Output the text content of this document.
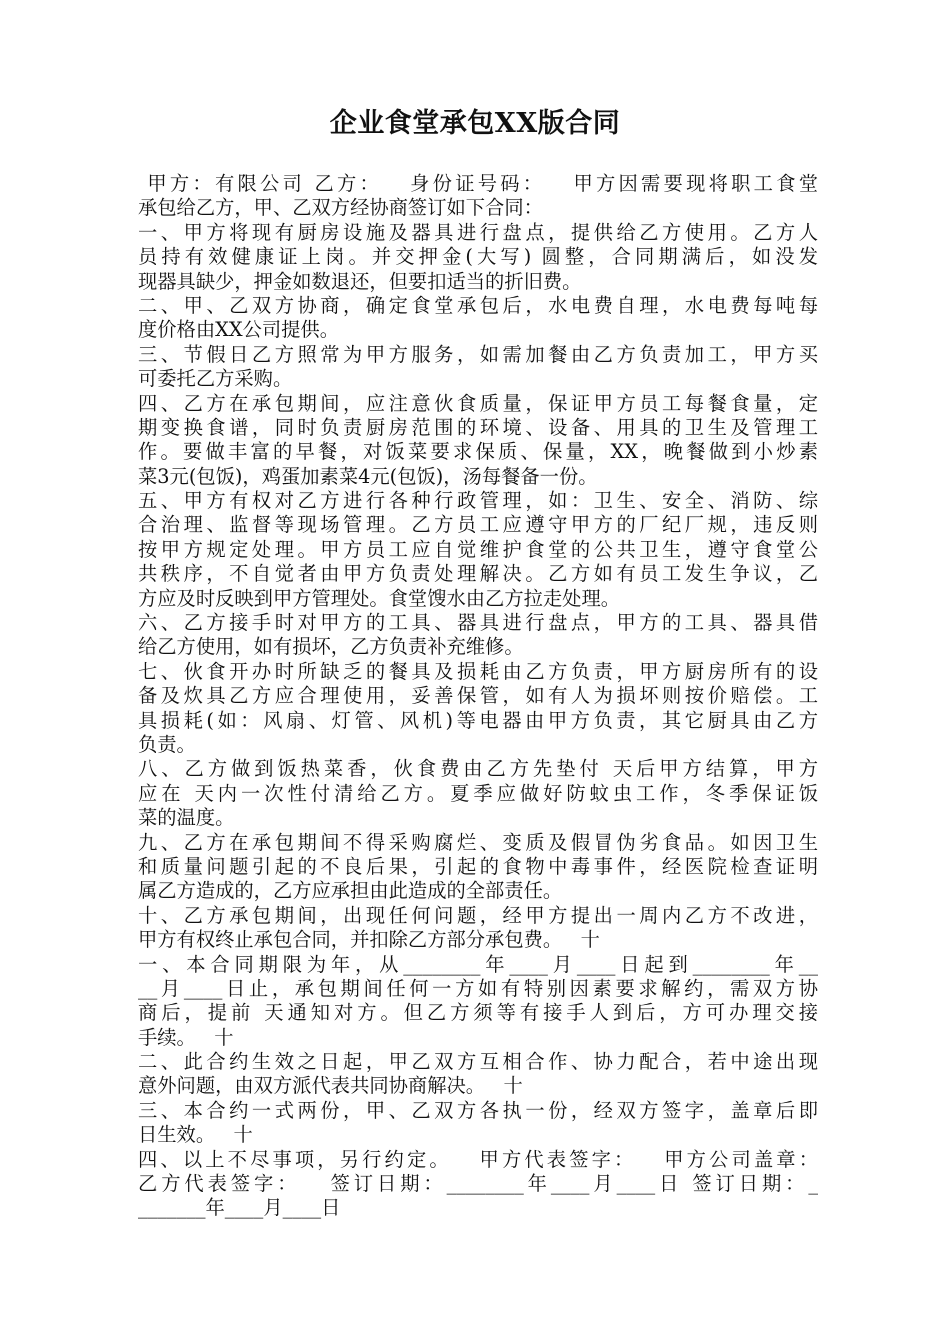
企业食堂承包XX版合同
甲方：有限公司 乙方：   身份证号码：   甲方因需要现将职工食堂
承包给乙方，甲、乙双方经协商签订如下合同：
一、甲方将现有厨房设施及器具进行盘点，提供给乙方使用。乙方人
员持有效健康证上岗。并交押金(大写) 圆整，合同期满后，如没发
现器具缺少，押金如数退还，但要扣适当的折旧费。
二、甲、乙双方协商，确定食堂承包后，水电费自理，水电费每吨每
度价格由XX公司提供。
三、节假日乙方照常为甲方服务，如需加餐由乙方负责加工，甲方买
可委托乙方采购。
四、乙方在承包期间，应注意伙食质量，保证甲方员工每餐食量，定
期变换食谱，同时负责厨房范围的环境、设备、用具的卫生及管理工
作。要做丰富的早餐，对饭菜要求保质、保量，XX，晚餐做到小炒素
菜3元(包饭)，鸡蛋加素菜4元(包饭)，汤每餐备一份。
五、甲方有权对乙方进行各种行政管理，如：卫生、安全、消防、综
合治理、监督等现场管理。乙方员工应遵守甲方的厂纪厂规，违反则
按甲方规定处理。甲方员工应自觉维护食堂的公共卫生，遵守食堂公
共秩序，不自觉者由甲方负责处理解决。乙方如有员工发生争议，乙
方应及时反映到甲方管理处。食堂馊水由乙方拉走处理。
六、乙方接手时对甲方的工具、器具进行盘点，甲方的工具、器具借
给乙方使用，如有损坏，乙方负责补充维修。
七、伙食开办时所缺乏的餐具及损耗由乙方负责，甲方厨房所有的设
备及炊具乙方应合理使用，妥善保管，如有人为损坏则按价赔偿。工
具损耗(如：风扇、灯管、风机)等电器由甲方负责，其它厨具由乙方
负责。
八、乙方做到饭热菜香，伙食费由乙方先垫付 天后甲方结算，甲方
应在 天内一次性付清给乙方。夏季应做好防蚊虫工作，冬季保证饭
菜的温度。
九、乙方在承包期间不得采购腐烂、变质及假冒伪劣食品。如因卫生
和质量问题引起的不良后果，引起的食物中毒事件，经医院检查证明
属乙方造成的，乙方应承担由此造成的全部责任。
十、乙方承包期间，出现任何问题，经甲方提出一周内乙方不改进，
甲方有权终止承包合同，并扣除乙方部分承包费。   十
一、本合同期限为年，从________年____月____日起到________年__
__月____日止，承包期间任何一方如有特别因素要求解约，需双方协
商后，提前 天通知对方。但乙方须等有接手人到后，方可办理交接
手续。   十
二、此合约生效之日起，甲乙双方互相合作、协力配合，若中途出现
意外问题，由双方派代表共同协商解决。   十
三、本合约一式两份，甲、乙双方各执一份，经双方签字，盖章后即
日生效。   十
四、以上不尽事项，另行约定。   甲方代表签字：   甲方公司盖章：
乙方代表签字：   签订日期：________年____月____日 签订日期：_
_______年____月____日
